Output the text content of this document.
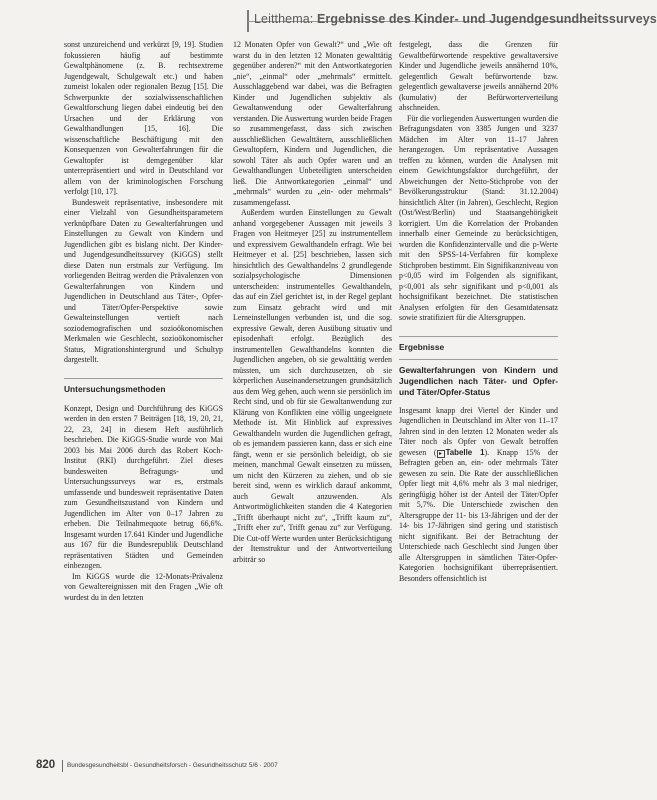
Leitthema: Ergebnisse des Kinder- und Jugendgesundheitssurveys

sonst unzureichend und verkürzt [9, 19]. Studien fokussieren häufig auf bestimmte Gewaltphänomene (z. B. rechtsextreme Jugendgewalt, Schulgewalt etc.) und haben zumeist lokalen oder regionalen Bezug [15]. Die Schwerpunkte der sozialwissenschaftlichen Gewaltforschung liegen dabei eindeutig bei den Ursachen und der Erklärung von Gewalthandlungen [15, 16]. Die wissenschaftliche Beschäftigung mit den Konsequenzen von Gewalterfahrungen für die Gewaltopfer ist demgegenüber klar unterrepräsentiert und wird in Deutschland vor allem von der kriminologischen Forschung verfolgt [10, 17].

Bundesweit repräsentative, insbesondere mit einer Vielzahl von Gesundheitsparametern verknüpfbare Daten zu Gewalterfahrungen und Einstellungen zu Gewalt von Kindern und Jugendlichen gibt es bislang nicht. Der Kinder- und Jugendgesundheitssurvey (KiGGS) stellt diese Daten nun erstmals zur Verfügung. Im vorliegenden Beitrag werden die Prävalenzen von Gewalterfahrungen von Kindern und Jugendlichen in Deutschland aus Täter-, Opfer- und Täter/Opfer-Perspektive sowie Gewalteinstellungen vertieft nach soziodemografischen und sozioökonomischen Merkmalen wie Geschlecht, sozioökonomischer Status, Migrationshintergrund und Schultyp dargestellt.

Untersuchungsmethoden

Konzept, Design und Durchführung des KiGGS werden in den ersten 7 Beiträgen [18, 19, 20, 21, 22, 23, 24] in diesem Heft ausführlich beschrieben. Die KiGGS-Studie wurde von Mai 2003 bis Mai 2006 durch das Robert Koch-Institut (RKI) durchgeführt. Ziel dieses bundesweiten Befragungs- und Untersuchungssurveys war es, erstmals umfassende und bundesweit repräsentative Daten zum Gesundheitszustand von Kindern und Jugendlichen im Alter von 0–17 Jahren zu erheben. Die Teilnahmequote betrug 66,6%. Insgesamt wurden 17.641 Kinder und Jugendliche aus 167 für die Bundesrepublik Deutschland repräsentativen Städten und Gemeinden einbezogen.

Im KiGGS wurde die 12-Monats-Prävalenz von Gewaltereignissen mit den Fragen „Wie oft wurdest du in den letzten

12 Monaten Opfer von Gewalt?“ und „Wie oft warst du in den letzten 12 Monaten gewalttätig gegenüber anderen?“ mit den Antwortkategorien „nie“, „einmal“ oder „mehrmals“ ermittelt. Ausschlaggebend war dabei, was die Befragten Kinder und Jugendlichen subjektiv als Gewaltanwendung oder Gewalterfahrung verstanden. Die Auswertung wurden beide Fragen so zusammengefasst, dass sich zwischen ausschließlichen Gewalttätern, ausschließlichen Gewaltopfern, Kindern und Jugendlichen, die sowohl Täter als auch Opfer waren und an Gewalthandlungen Unbeteiligten unterscheiden ließ. Die Antwortkategorien „einmal“ und „mehrmals“ wurden zu „ein- oder mehrmals“ zusammengefasst.

Außerdem wurden Einstellungen zu Gewalt anhand vorgegebener Aussagen mit jeweils 3 Fragen von Heitmeyer [25] zu instrumentellem und expressivem Gewalthandeln erfragt. Wie bei Heitmeyer et al. [25] beschrieben, lassen sich hinsichtlich des Gewalthandelns 2 grundlegende sozialpsychologische Dimensionen unterscheiden: instrumentelles Gewalthandeln, das auf ein Ziel gerichtet ist, in der Regel geplant zum Einsatz gebracht wird und mit Lerneinstellungen verbunden ist, und die sog. expressive Gewalt, deren Ausübung situativ und episodenhaft erfolgt. Bezüglich des instrumentellen Gewalthandelns konnten die Jugendlichen angeben, ob sie gewalttätig werden müssten, um sich durchzusetzen, ob sie körperlichen Auseinandersetzungen grundsätzlich aus dem Weg gehen, auch wenn sie persönlich im Recht sind, und ob für sie Gewaltanwendung zur Klärung von Konflikten eine völlig ungeeignete Methode ist. Mit Hinblick auf expressives Gewalthandeln wurden die Jugendlichen gefragt, ob es jemandem passieren kann, dass er sich eine fängt, wenn er sie persönlich beleidigt, ob sie meinen, manchmal Gewalt einsetzen zu müssen, um nicht den Kürzeren zu ziehen, und ob sie bereit sind, wenn es wirklich darauf ankommt, auch Gewalt anzuwenden. Als Antwortmöglichkeiten standen die 4 Kategorien „Trifft überhaupt nicht zu“, „Trifft kaum zu“, „Trifft eher zu“, Trifft genau zu“ zur Verfügung. Die Cut-off Werte wurden unter Berücksichtigung der Itemstruktur und der Antwortverteilung arbiträr so

festgelegt, dass die Grenzen für Gewaltbefürwortende respektive gewaltaversive Kinder und Jugendliche jeweils annähernd 10%, gelegentlich Gewalt befürwortende bzw. gelegentlich gewaltaverse jeweils annähernd 20% (kumulativ) der Befürworterverteilung abschneiden.

Für die vorliegenden Auswertungen wurden die Befragungsdaten von 3385 Jungen und 3237 Mädchen im Alter von 11–17 Jahren herangezogen. Um repräsentative Aussagen treffen zu können, wurden die Analysen mit einem Gewichtungsfaktor durchgeführt, der Abweichungen der Netto-Stichprobe von der Bevölkerungsstruktur (Stand: 31.12.2004) hinsichtlich Alter (in Jahren), Geschlecht, Region (Ost/West/Berlin) und Staatsangehörigkeit korrigiert. Um die Korrelation der Probanden innerhalb einer Gemeinde zu berücksichtigen, wurden die Konfidenzintervalle und die p-Werte mit den SPSS-14-Verfahren für komplexe Stichproben bestimmt. Ein Signifikanzniveau von p<0,05 wird im Folgenden als signifikant, p<0,001 als sehr signifikant und p<0,001 als hochsignifikant bezeichnet. Die statistischen Analysen erfolgten für den Gesamtdatensatz sowie stratifiziert für die Altersgruppen.

Ergebnisse

Gewalterfahrungen von Kindern und Jugendlichen nach Täter- und Opfer- und Täter/Opfer-Status

Insgesamt knapp drei Viertel der Kinder und Jugendlichen in Deutschland im Alter von 11–17 Jahren sind in den letzten 12 Monaten weder als Täter noch als Opfer von Gewalt betroffen gewesen ( ▸ Tabelle 1). Knapp 15% der Befragten geben an, ein- oder mehrmals Täter gewesen zu sein. Die Rate der ausschließlichen Opfer liegt mit 4,6% mehr als 3 mal niedriger, geringfügig höher ist der Anteil der Täter/Opfer mit 5,7%. Die Unterschiede zwischen den Altersgruppe der 11- bis 13-Jährigen und der der 14- bis 17-Jährigen sind gering und statistisch nicht signifikant. Bei der Betrachtung der Unterschiede nach Geschlecht sind Jungen über alle Altersgruppen in sämtlichen Täter-Opfer-Kategorien hochsignifikant überrepräsentiert. Besonders offensichtlich ist

820 Bundesgesundheitsbl - Gesundheitsforsch - Gesundheitsschutz 5/6 · 2007
